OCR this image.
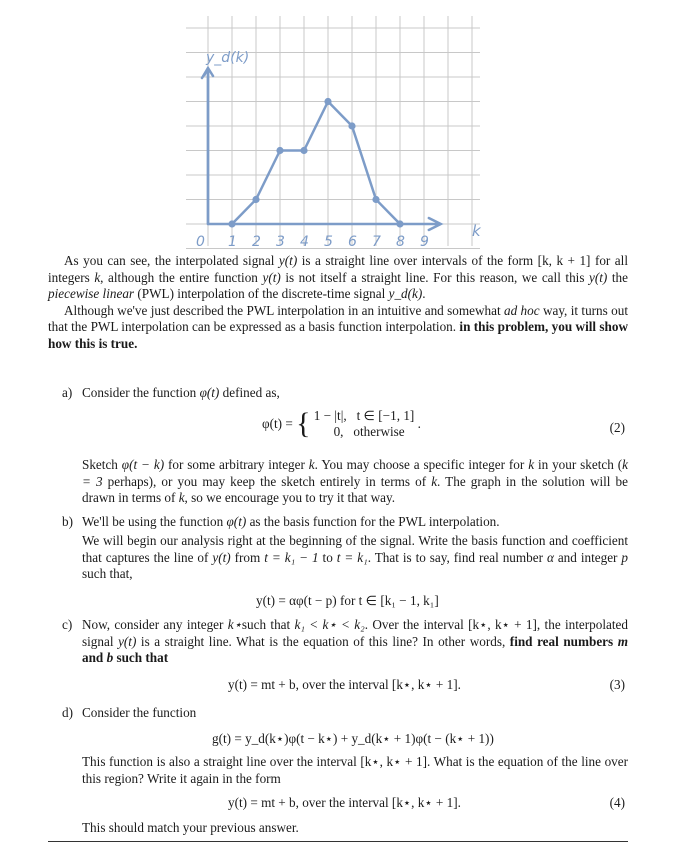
0 1 2 3 4 5 6 7 8 9
y_d(k)
k

As you can see, the interpolated signal y(t) is a straight line over intervals of the form [k, k + 1] for all integers k, although the entire function y(t) is not itself a straight line. For this reason, we call this y(t) the piecewise linear (PWL) interpolation of the discrete-time signal y_d(k).

Although we've just described the PWL interpolation in an intuitive and somewhat ad hoc way, it turns out that the PWL interpolation can be expressed as a basis function interpolation. in this problem, you will show how this is true.

a) Consider the function φ(t) defined as,
φ(t) = { 1 − |t|, t ∈ [−1, 1]
0, otherwise
.	(2)
Sketch φ(t − k) for some arbitrary integer k. You may choose a specific integer for k in your sketch (k = 3 perhaps), or you may keep the sketch entirely in terms of k. The graph in the solution will be drawn in terms of k, so we encourage you to try it that way.
b) We'll be using the function φ(t) as the basis function for the PWL interpolation.
We will begin our analysis right at the beginning of the signal. Write the basis function and coefficient that captures the line of y(t) from t = k₁ − 1 to t = k₁. That is to say, find real number α and integer p such that,
y(t) = αφ(t − p) for t ∈ [k₁ − 1, k₁]
c) Now, consider any integer k⋆such that k₁ < k⋆ < k₂. Over the interval [k⋆, k⋆ + 1], the interpolated signal y(t) is a straight line. What is the equation of this line? In other words, find real numbers m and b such that
y(t) = mt + b, over the interval [k⋆, k⋆ + 1].	(3)
d) Consider the function
g(t) = y_d(k⋆)φ(t − k⋆) + y_d(k⋆ + 1)φ(t − (k⋆ + 1))
This function is also a straight line over the interval [k⋆, k⋆ + 1]. What is the equation of the line over this region? Write it again in the form
y(t) = mt + b, over the interval [k⋆, k⋆ + 1].	(4)
This should match your previous answer.
